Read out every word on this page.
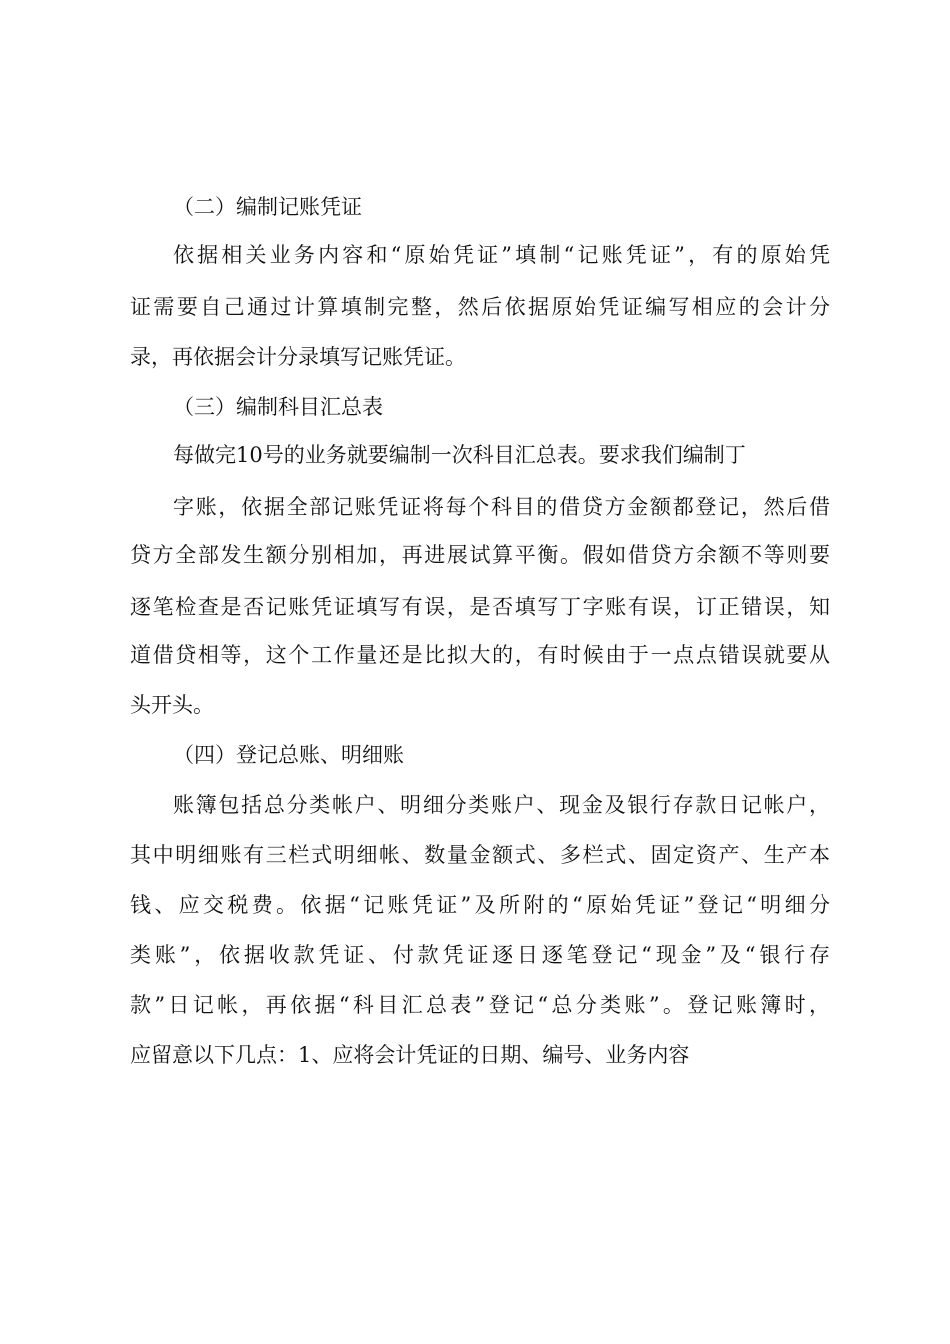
（二）编制记账凭证

依据相关业务内容和“原始凭证”填制“记账凭证”，有的原始凭

证需要自己通过计算填制完整，然后依据原始凭证编写相应的会计分

录，再依据会计分录填写记账凭证。

（三）编制科目汇总表

每做完10号的业务就要编制一次科目汇总表。要求我们编制丁

字账，依据全部记账凭证将每个科目的借贷方金额都登记，然后借

贷方全部发生额分别相加，再进展试算平衡。假如借贷方余额不等则要

逐笔检查是否记账凭证填写有误，是否填写丁字账有误，订正错误，知

道借贷相等，这个工作量还是比拟大的，有时候由于一点点错误就要从

头开头。

（四）登记总账、明细账

账簿包括总分类帐户、明细分类账户、现金及银行存款日记帐户，

其中明细账有三栏式明细帐、数量金额式、多栏式、固定资产、生产本

钱、应交税费。依据“记账凭证”及所附的“原始凭证”登记“明细分

类账”，依据收款凭证、付款凭证逐日逐笔登记“现金”及“银行存

款”日记帐，再依据“科目汇总表”登记“总分类账”。登记账簿时，

应留意以下几点：1、应将会计凭证的日期、编号、业务内容
